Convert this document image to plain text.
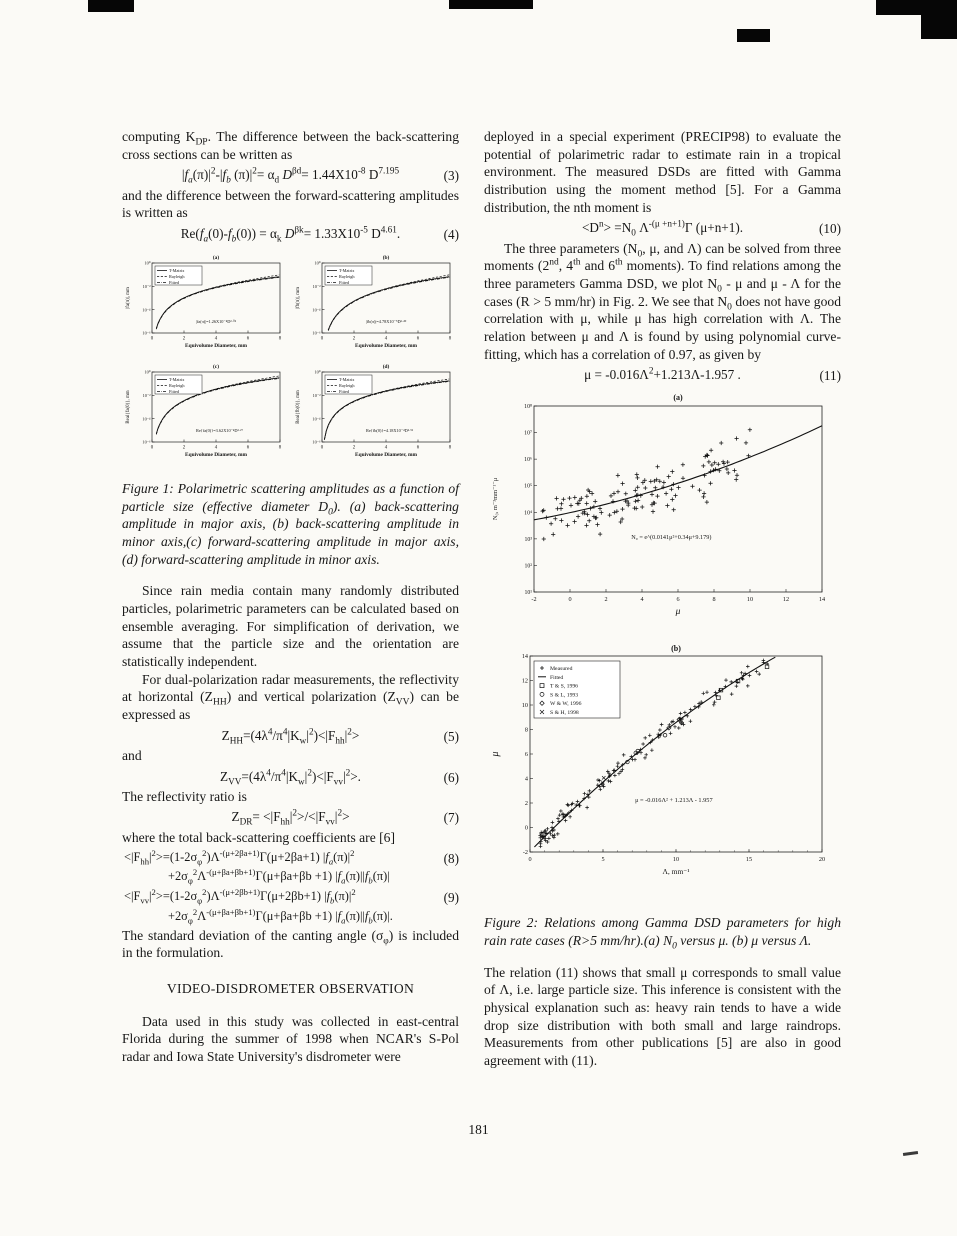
computing $K_{DP}$. The difference between the back-scattering cross sections can be written as

$|f_a(\pi)|^2-|f_b$ $(\pi)|^2= \alpha_d$ $D^{\beta d}= 1.44X10^{-8}$ $D^{7.195}$	(3)

and the difference between the forward-scattering amplitudes is written as

$Re(f_a(0)-f_b(0)) = \alpha_k$ $D^{\beta k}= 1.33X10^{-5}$ $D^{4.61}$.	(4)
(a)
10⁻⁶
10⁻⁴
10⁻²
10⁰
0	2	4	6	8
T-Matrix
Rayleigh
Fitted
|fa(π)|=1.26X10⁻⁴D³·⁰²
|fa(π)|, mm
Equivolume Diameter, mm
(b)
10⁻⁶
10⁻⁴
10⁻²
10⁰
0	2	4	6	8
T-Matrix
Rayleigh
Fitted
|fb(π)|=4.78X10⁻⁵D³·⁴⁹
|fb(π)|, mm
Equivolume Diameter, mm
(c)
10⁻⁶
10⁻⁴
10⁻²
10⁰
0	2	4	6	8
T-Matrix
Rayleigh
Fitted
Re{fa(0)}=3.62X10⁻⁴D³·²⁷
Real{fa(0)}, mm
Equivolume Diameter, mm
(d)
10⁻⁶
10⁻⁴
10⁻²
10⁰
0	2	4	6	8
T-Matrix
Rayleigh
Fitted
Re{fb(0)}=4.18X10⁻⁴D²·⁹¹
Real{fb(0)}, mm
Equivolume Diameter, mm

Figure 1: Polarimetric scattering amplitudes as a function of particle size (effective diameter $D_0$). (a) back-scattering amplitude in major axis, (b) back-scattering amplitude in minor axis,(c) forward-scattering amplitude in major axis, (d) forward-scattering amplitude in minor axis.

Since rain media contain many randomly distributed particles, polarimetric parameters can be calculated based on ensemble averaging. For simplification of derivation, we assume that the particle size and the orientation are statistically independent.

For dual-polarization radar measurements, the reflectivity at horizontal $(Z_{HH})$ and vertical polarization $(Z_{VV})$ can be expressed as

$Z_{HH}=(4\lambda^4/\pi^4|K_w|^2)<|F_{hh}|^2>$	(5)

and

$Z_{VV}=(4\lambda^4/\pi^4|K_w|^2)<|F_{vv}|^2>$.	(6)

The reflectivity ratio is

$Z_{DR}= <|F_{hh}|^2>/<|F_{vv}|^2>$	(7)

where the total back-scattering coefficients are [6]

$<|F_{hh}|^2>=(1-2\sigma_\varphi^2)\Lambda^{-(\mu+2\beta a+1)}\Gamma(\mu+2\beta a+1)$ $|f_a(\pi)|^2$	(8)
$+2\sigma_\varphi^2\Lambda^{-(\mu+\beta a+\beta b+1)}\Gamma(\mu+\beta a+\beta b +1)$ $|f_a(\pi)||f_b(\pi)|$
$<|F_{vv}|^2>=(1-2\sigma_\varphi^2)\Lambda^{-(\mu+2\beta b+1)}\Gamma(\mu+2\beta b+1)$ $|f_b(\pi)|^2$	(9)
$+2\sigma_\varphi^2\Lambda^{-(\mu+\beta a+\beta b+1)}\Gamma(\mu+\beta a+\beta b +1)$ $|f_a(\pi)||f_b(\pi)|$.

The standard deviation of the canting angle $(\sigma_\varphi)$ is included in the formulation.

VIDEO-DISDROMETER OBSERVATION

Data used in this study was collected in east-central Florida during the summer of 1998 when NCAR's S-Pol radar and Iowa State University's disdrometer were

deployed in a special experiment (PRECIP98) to evaluate the potential of polarimetric radar to estimate rain in a tropical environment. The measured DSDs are fitted with Gamma distribution using the moment method [5]. For a Gamma distribution, the nth moment is

$<D^n> =N_0$ $\Lambda^{-(\mu +n+1)}\Gamma$ (μ+n+1).	(10)

The three parameters ($N_0$, μ, and Λ) can be solved from three moments (2nd, 4th and 6th moments). To find relations among the three parameters Gamma DSD, we plot $N_0$ - μ and μ - Λ for the cases (R > 5 mm/hr) in Fig. 2. We see that $N_0$ does not have good correlation with μ, while μ has high correlation with Λ. The relation between μ and Λ is found by using polynomial curve-fitting, which has a correlation of 0.97, as given by

$\mu = -0.016\Lambda^2+1.213\Lambda-1.957$ .	(11)
(a)
-2	0	2	4	6	8	10	12	14
10¹
10²
10³
10⁴
10⁵
10⁶
10⁷
10⁸
N₀ = e^(0.0141μ²+0.34μ+9.179)
μ
N₀, m⁻³mm⁻¹⁻μ
(b)
0	5	10	15	20
-2
0
2
4
6
8
10
12
14
Measured
Fitted
T & S, 1996
S & L, 1993
W & W, 1996
S & H, 1998
μ = -0.016Λ² + 1.213Λ - 1.957
Λ, mm⁻¹
μ

Figure 2: Relations among Gamma DSD parameters for high rain rate cases (R>5 mm/hr).(a) $N_0$ versus μ. (b) μ versus Λ.

The relation (11) shows that small μ corresponds to small value of Λ, i.e. large particle size. This inference is consistent with the physical explanation such as: heavy rain tends to have a wide drop size distribution with both small and large raindrops. Measurements from other publications [5] are also in good agreement with (11).

181
